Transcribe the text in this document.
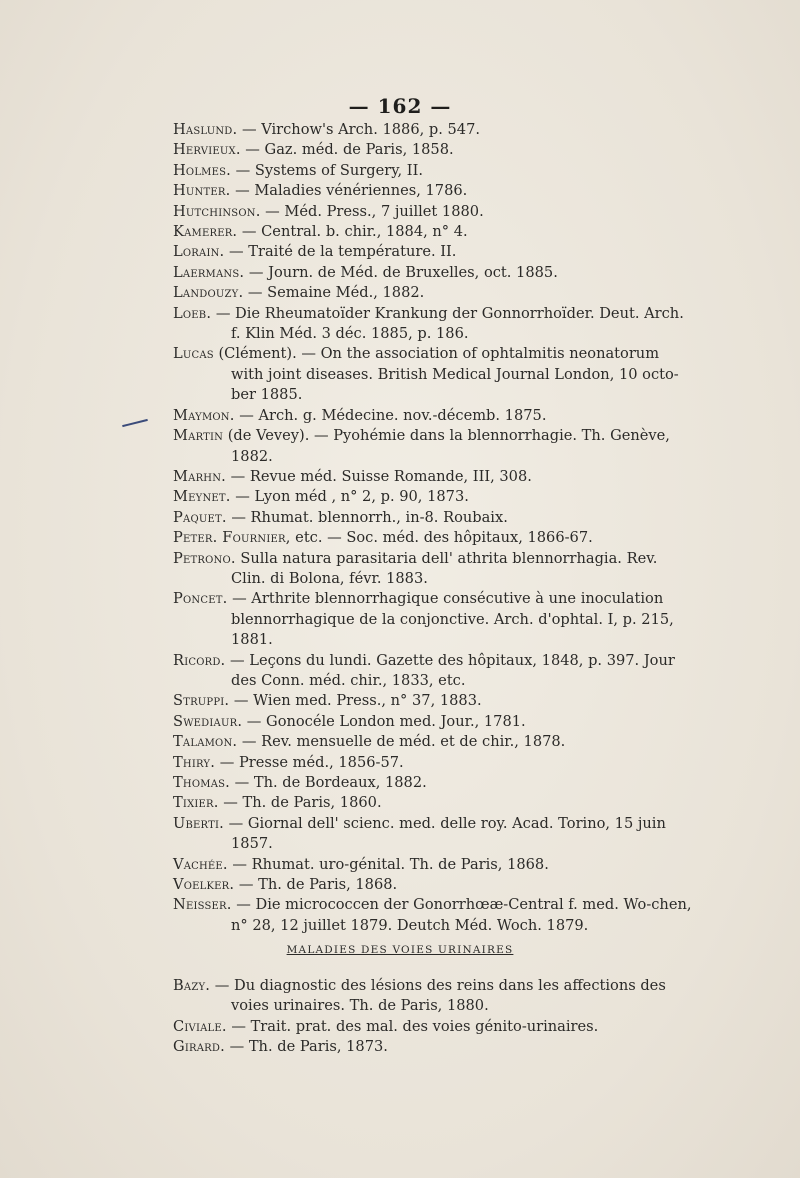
— 162 —
Haslund. — Virchow's Arch. 1886, p. 547.
Hervieux. — Gaz. méd. de Paris, 1858.
Holmes. — Systems of Surgery, II.
Hunter. — Maladies vénériennes, 1786.
Hutchinson. — Méd. Press., 7 juillet 1880.
Kamerer. — Central. b. chir., 1884, n° 4.
Lorain. — Traité de la température. II.
Laermans. — Journ. de Méd. de Bruxelles, oct. 1885.
Landouzy. — Semaine Méd., 1882.
Loeb. — Die Rheumatoïder Krankung der Gonnorrhoïder. Deut. Arch. f. Klin Méd. 3 déc. 1885, p. 186.
Lucas (Clément). — On the association of ophtalmitis neonatorum with joint diseases. British Medical Journal London, 10 octo-ber 1885.
Maymon. — Arch. g. Médecine. nov.-décemb. 1875.
Martin (de Vevey). — Pyohémie dans la blennorrhagie. Th. Genève, 1882.
Marhn. — Revue méd. Suisse Romande, III, 308.
Meynet. — Lyon méd , n° 2, p. 90, 1873.
Paquet. — Rhumat. blennorrh., in-8. Roubaix.
Peter. Fournier, etc. — Soc. méd. des hôpitaux, 1866-67.
Petrono. Sulla natura parasitaria dell' athrita blennorrhagia. Rev. Clin. di Bolona, févr. 1883.
Poncet. — Arthrite blennorrhagique consécutive à une inoculation blennorrhagique de la conjonctive. Arch. d'ophtal. I, p. 215, 1881.
Ricord. — Leçons du lundi. Gazette des hôpitaux, 1848, p. 397. Jour des Conn. méd. chir., 1833, etc.
Struppi. — Wien med. Press., n° 37, 1883.
Swediaur. — Gonocéle London med. Jour., 1781.
Talamon. — Rev. mensuelle de méd. et de chir., 1878.
Thiry. — Presse méd., 1856-57.
Thomas. — Th. de Bordeaux, 1882.
Tixier. — Th. de Paris, 1860.
Uberti. — Giornal dell' scienc. med. delle roy. Acad. Torino, 15 juin 1857.
Vachée. — Rhumat. uro-génital. Th. de Paris, 1868.
Voelker. — Th. de Paris, 1868.
Neisser. — Die micrococcen der Gonorrhœæ-Central f. med. Wo-chen, n° 28, 12 juillet 1879. Deutch Méd. Woch. 1879.
MALADIES DES VOIES URINAIRES
Bazy. — Du diagnostic des lésions des reins dans les affections des voies urinaires. Th. de Paris, 1880.
Civiale. — Trait. prat. des mal. des voies génito-urinaires.
Girard. — Th. de Paris, 1873.
